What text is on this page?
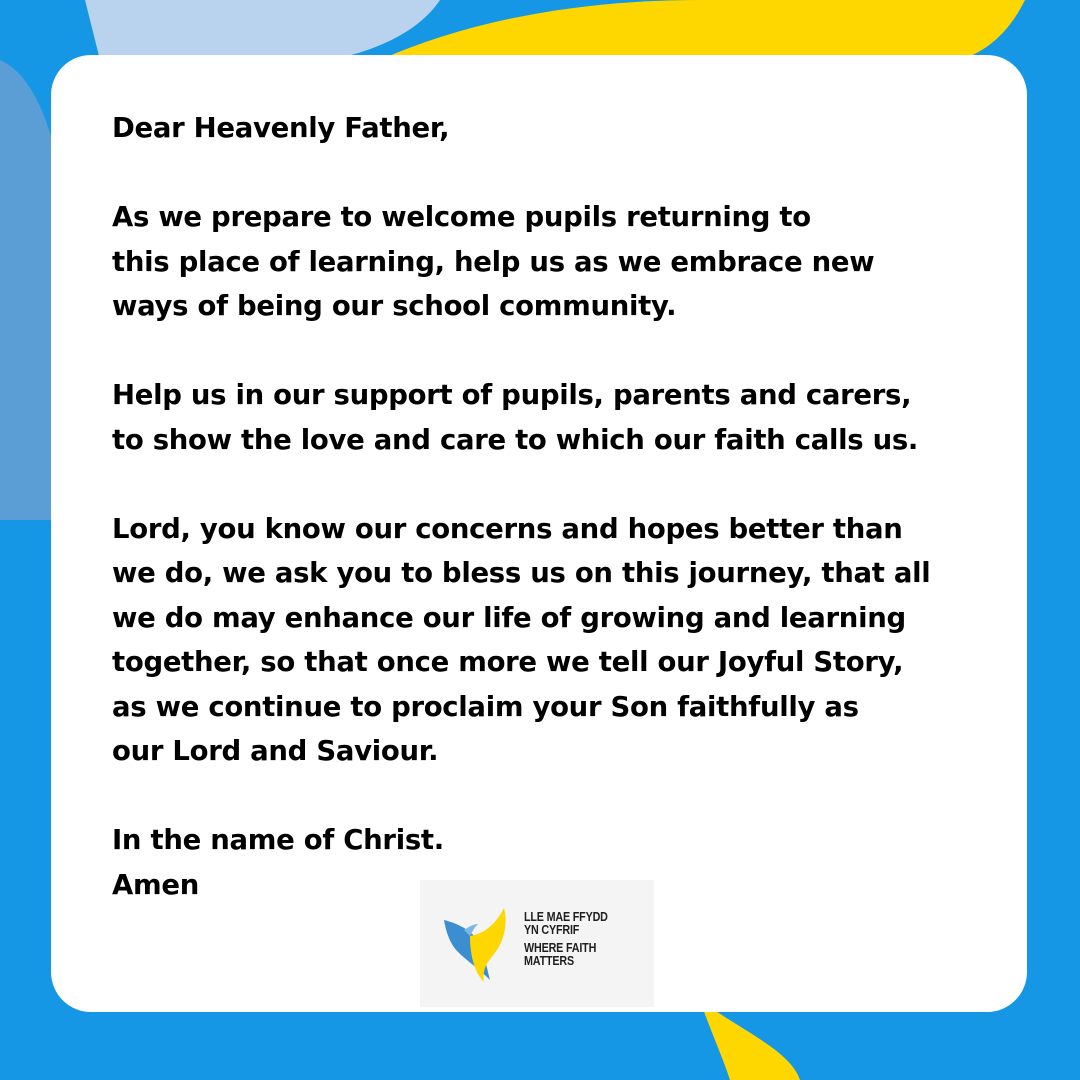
Dear Heavenly Father,
As we prepare to welcome pupils returning to
this place of learning, help us as we embrace new
ways of being our school community.
Help us in our support of pupils, parents and carers,
to show the love and care to which our faith calls us.
Lord, you know our concerns and hopes better than
we do, we ask you to bless us on this journey, that all
we do may enhance our life of growing and learning
together, so that once more we tell our Joyful Story,
as we continue to proclaim your Son faithfully as
our Lord and Saviour.
In the name of Christ.
Amen
LLE MAE FFYDD
YN CYFRIF
WHERE FAITH
MATTERS
